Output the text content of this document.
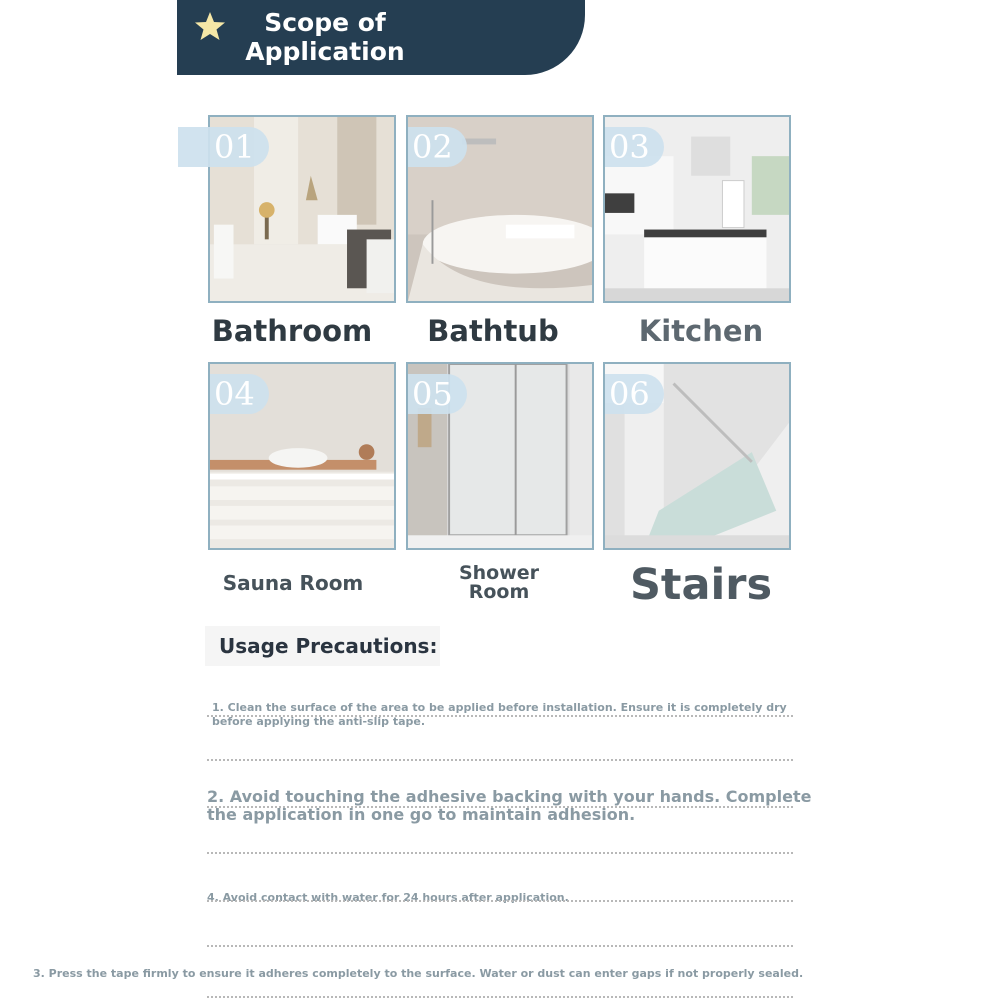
Scope of
Application
01	02	03
Bathroom	Bathtub	Kitchen
04	05	06
Sauna Room	Shower
Room	Stairs
Usage Precautions:
1. Clean the surface of the area to be applied before installation. Ensure it is completely dry
before applying the anti-slip tape.
2. Avoid touching the adhesive backing with your hands. Complete
the application in one go to maintain adhesion.
4. Avoid contact with water for 24 hours after application.
3. Press the tape firmly to ensure it adheres completely to the surface. Water or dust can enter gaps if not properly sealed.
